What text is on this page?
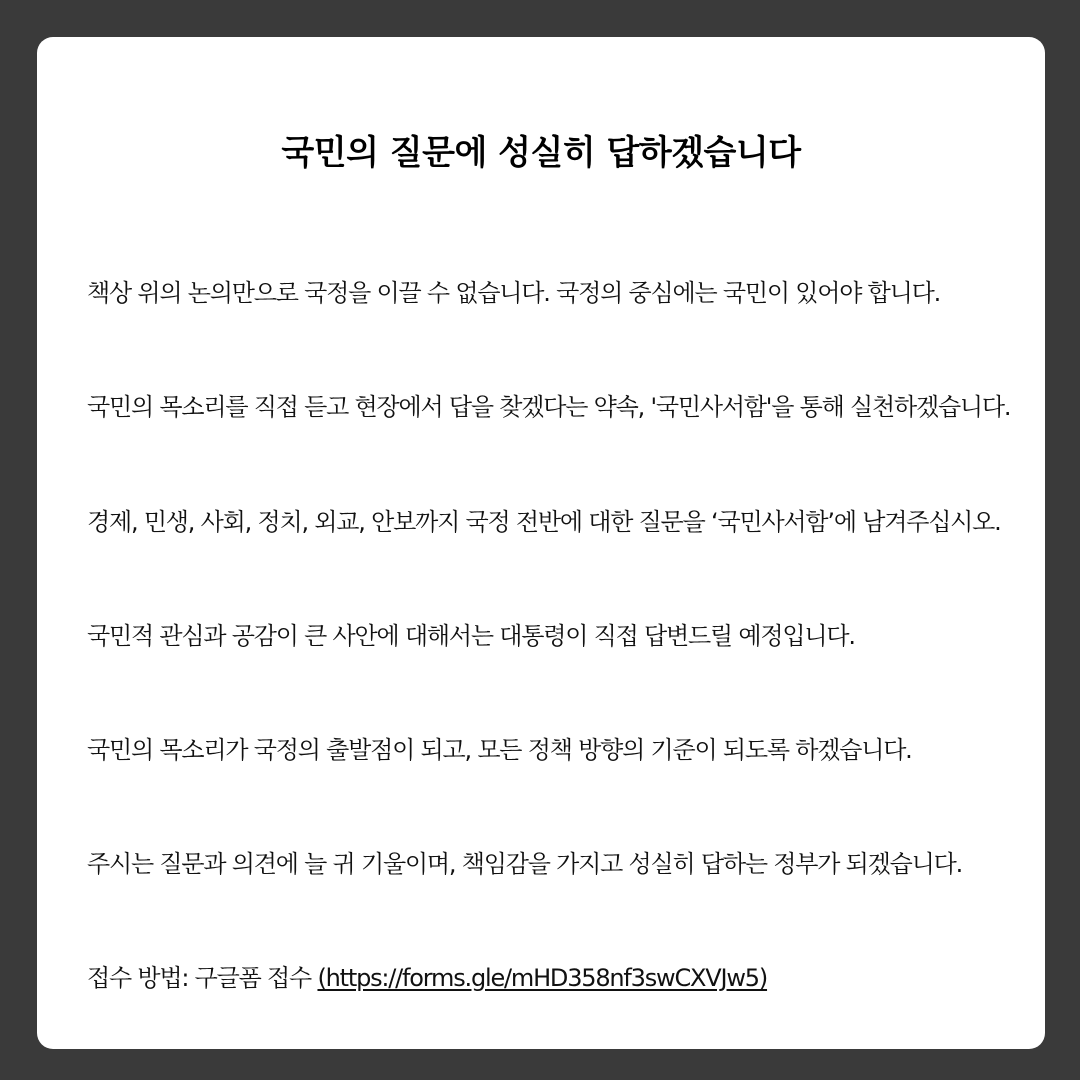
국민의 질문에 성실히 답하겠습니다

책상 위의 논의만으로 국정을 이끌 수 없습니다. 국정의 중심에는 국민이 있어야 합니다.

국민의 목소리를 직접 듣고 현장에서 답을 찾겠다는 약속, '국민사서함'을 통해 실천하겠습니다.

경제, 민생, 사회, 정치, 외교, 안보까지 국정 전반에 대한 질문을 ‘국민사서함’에 남겨주십시오.

국민적 관심과 공감이 큰 사안에 대해서는 대통령이 직접 답변드릴 예정입니다.

국민의 목소리가 국정의 출발점이 되고, 모든 정책 방향의 기준이 되도록 하겠습니다.

주시는 질문과 의견에 늘 귀 기울이며, 책임감을 가지고 성실히 답하는 정부가 되겠습니다.

접수 방법: 구글폼 접수 (https://forms.gle/mHD358nf3swCXVJw5)
